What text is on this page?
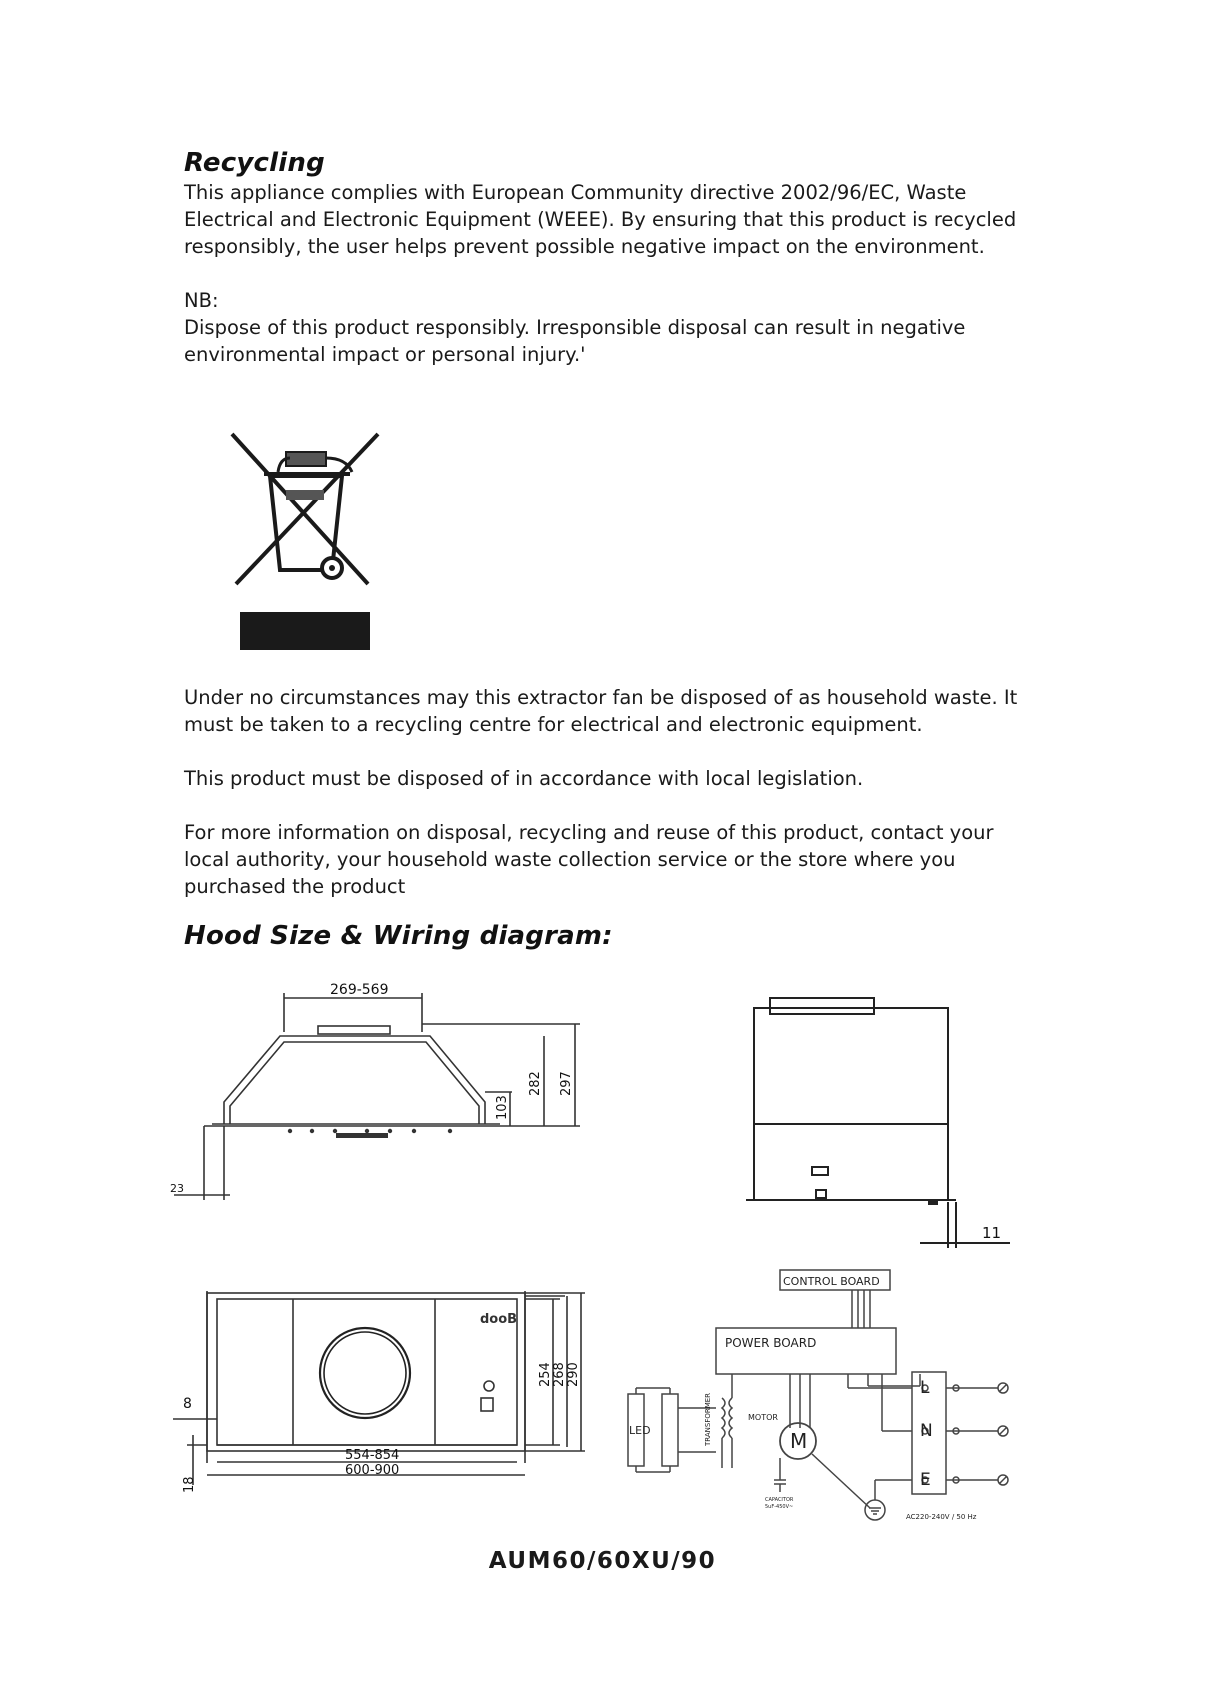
Recycling

This appliance complies with European Community directive 2002/96/EC, Waste Electrical and Electronic Equipment (WEEE). By ensuring that this product is recycled responsibly, the user helps prevent possible negative impact on the environment.

NB:

Dispose of this product responsibly. Irresponsible disposal can result in negative environmental impact or personal injury.'

Under no circumstances may this extractor fan be disposed of as household waste. It must be taken to a recycling centre for electrical and electronic equipment.

This product must be disposed of in accordance with local legislation.

For more information on disposal, recycling and reuse of this product, contact your local authority, your household waste collection service or the store where you purchased the product

Hood Size & Wiring diagram:
269-569
282 297
103
23
11
dooB
8
18
254 268 290
554-854
600-900
CONTROL BOARD
POWER BOARD
LED	TRANSFORMER	MOTOR
M
CAPACITOR
5uF-450V~
L
N
E
AC220-240V / 50 Hz
AUM60/60XU/90
